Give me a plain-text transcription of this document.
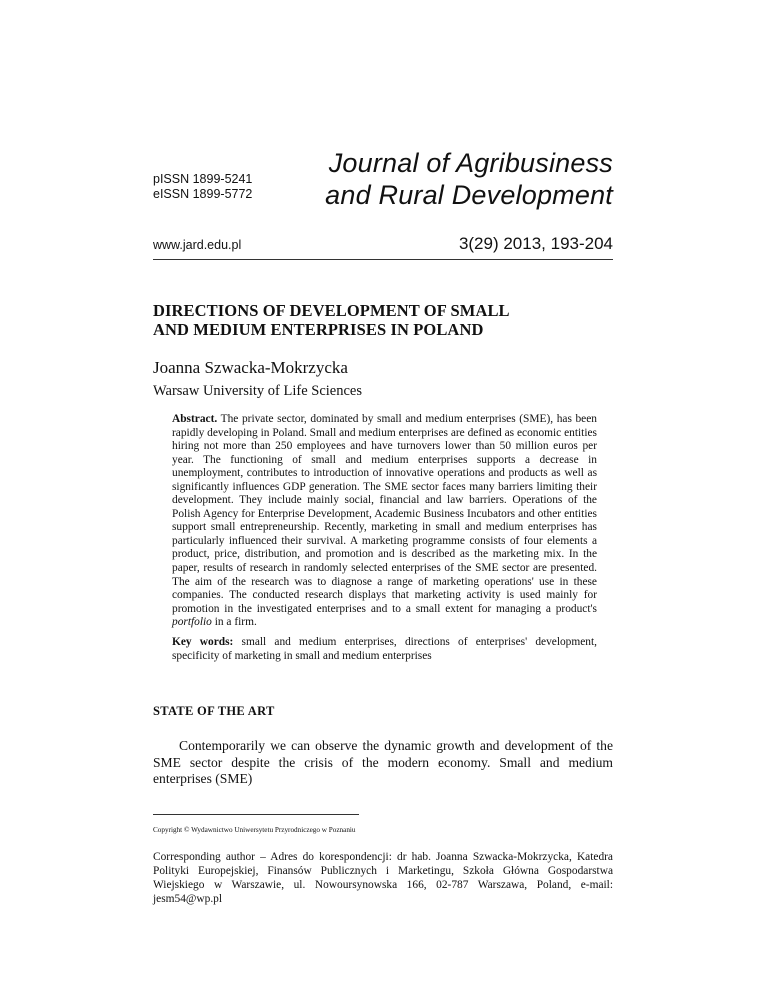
pISSN 1899-5241
eISSN 1899-5772
Journal of Agribusiness
and Rural Development
www.jard.edu.pl	3(29) 2013, 193-204
DIRECTIONS OF DEVELOPMENT OF SMALL
AND MEDIUM ENTERPRISES IN POLAND
Joanna Szwacka-Mokrzycka
Warsaw University of Life Sciences
Abstract. The private sector, dominated by small and medium enterprises (SME), has been rapidly developing in Poland. Small and medium enterprises are defined as economic entities hiring not more than 250 employees and have turnovers lower than 50 million euros per year. The functioning of small and medium enterprises supports a decrease in unemployment, contributes to introduction of innovative operations and products as well as significantly influences GDP generation. The SME sector faces many barriers limiting their development. They include mainly social, financial and law barriers. Operations of the Polish Agency for Enterprise Development, Academic Business Incubators and other entities support small entrepreneurship. Recently, marketing in small and medium enterprises has particularly influenced their survival. A marketing programme consists of four elements a product, price, distribution, and promotion and is described as the marketing mix. In the paper, results of research in randomly selected enterprises of the SME sector are presented. The aim of the research was to diagnose a range of marketing operations' use in these companies. The conducted research displays that marketing activity is used mainly for promotion in the investigated enterprises and to a small extent for managing a product's portfolio in a firm.
Key words: small and medium enterprises, directions of enterprises' development, specificity of marketing in small and medium enterprises
STATE OF THE ART
Contemporarily we can observe the dynamic growth and development of the SME sector despite the crisis of the modern economy. Small and medium enterprises (SME)
Copyright © Wydawnictwo Uniwersytetu Przyrodniczego w Poznaniu
Corresponding author – Adres do korespondencji: dr hab. Joanna Szwacka-Mokrzycka, Katedra Polityki Europejskiej, Finansów Publicznych i Marketingu, Szkoła Główna Gospodarstwa Wiejskiego w Warszawie, ul. Nowoursynowska 166, 02-787 Warszawa, Poland, e-mail: jesm54@wp.pl
